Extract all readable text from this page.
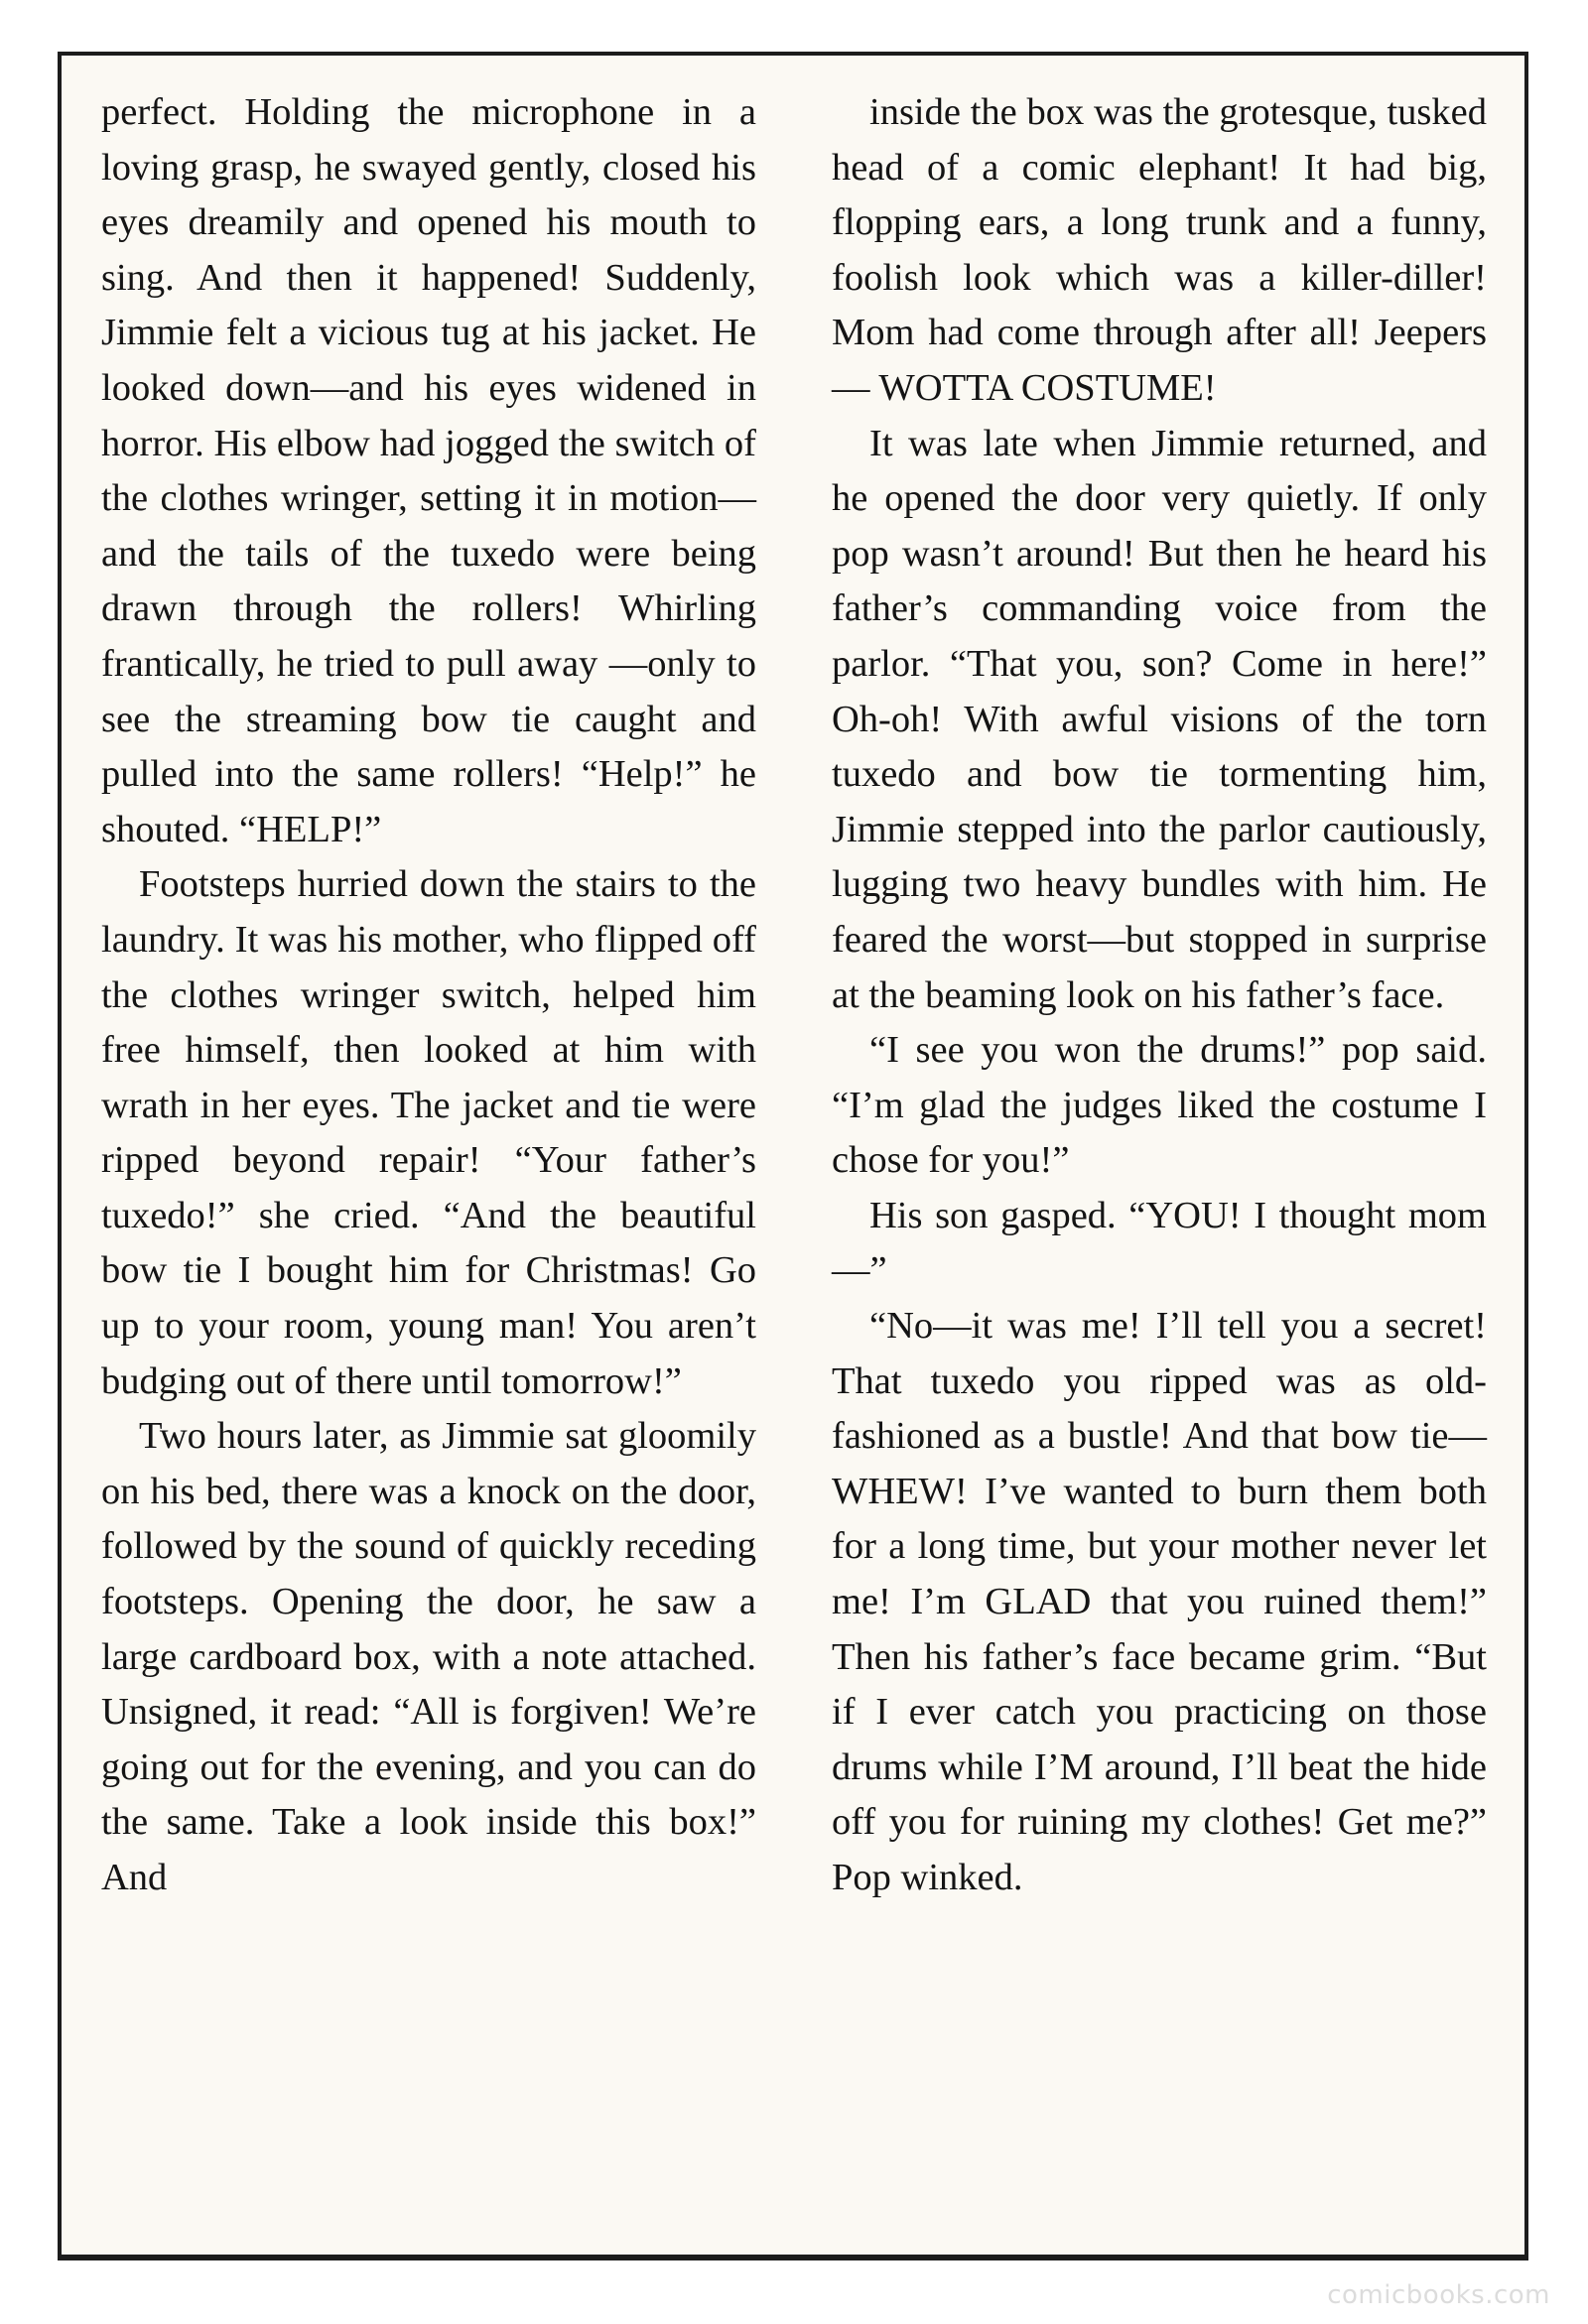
perfect. Holding the microphone in a loving grasp, he swayed gently, closed his eyes dreamily and opened his mouth to sing. And then it happened! Suddenly, Jimmie felt a vicious tug at his jacket. He looked down—and his eyes widened in horror. His elbow had jogged the switch of the clothes wringer, setting it in motion—and the tails of the tuxedo were being drawn through the rollers! Whirling frantically, he tried to pull away —only to see the streaming bow tie caught and pulled into the same rollers! “Help!” he shouted. “HELP!”

Footsteps hurried down the stairs to the laundry. It was his mother, who flipped off the clothes wringer switch, helped him free himself, then looked at him with wrath in her eyes. The jacket and tie were ripped beyond repair! “Your father’s tuxedo!” she cried. “And the beautiful bow tie I bought him for Christmas! Go up to your room, young man! You aren’t budging out of there until tomorrow!”

Two hours later, as Jimmie sat gloomily on his bed, there was a knock on the door, followed by the sound of quickly receding footsteps. Opening the door, he saw a large cardboard box, with a note attached. Unsigned, it read: “All is forgiven! We’re going out for the evening, and you can do the same. Take a look inside this box!” And

inside the box was the grotesque, tusked head of a comic elephant! It had big, flopping ears, a long trunk and a funny, foolish look which was a killer-diller! Mom had come through after all! Jeepers— WOTTA COSTUME!

It was late when Jimmie returned, and he opened the door very quietly. If only pop wasn’t around! But then he heard his father’s commanding voice from the parlor. “That you, son? Come in here!” Oh-oh! With awful visions of the torn tuxedo and bow tie tormenting him, Jimmie stepped into the parlor cautiously, lugging two heavy bundles with him. He feared the worst—but stopped in surprise at the beaming look on his father’s face.

“I see you won the drums!” pop said. “I’m glad the judges liked the costume I chose for you!”

His son gasped. “YOU! I thought mom—”

“No—it was me! I’ll tell you a secret! That tuxedo you ripped was as old-fashioned as a bustle! And that bow tie—WHEW! I’ve wanted to burn them both for a long time, but your mother never let me! I’m GLAD that you ruined them!” Then his father’s face became grim. “But if I ever catch you practicing on those drums while I’M around, I’ll beat the hide off you for ruining my clothes! Get me?” Pop winked.

comicbooks.com
